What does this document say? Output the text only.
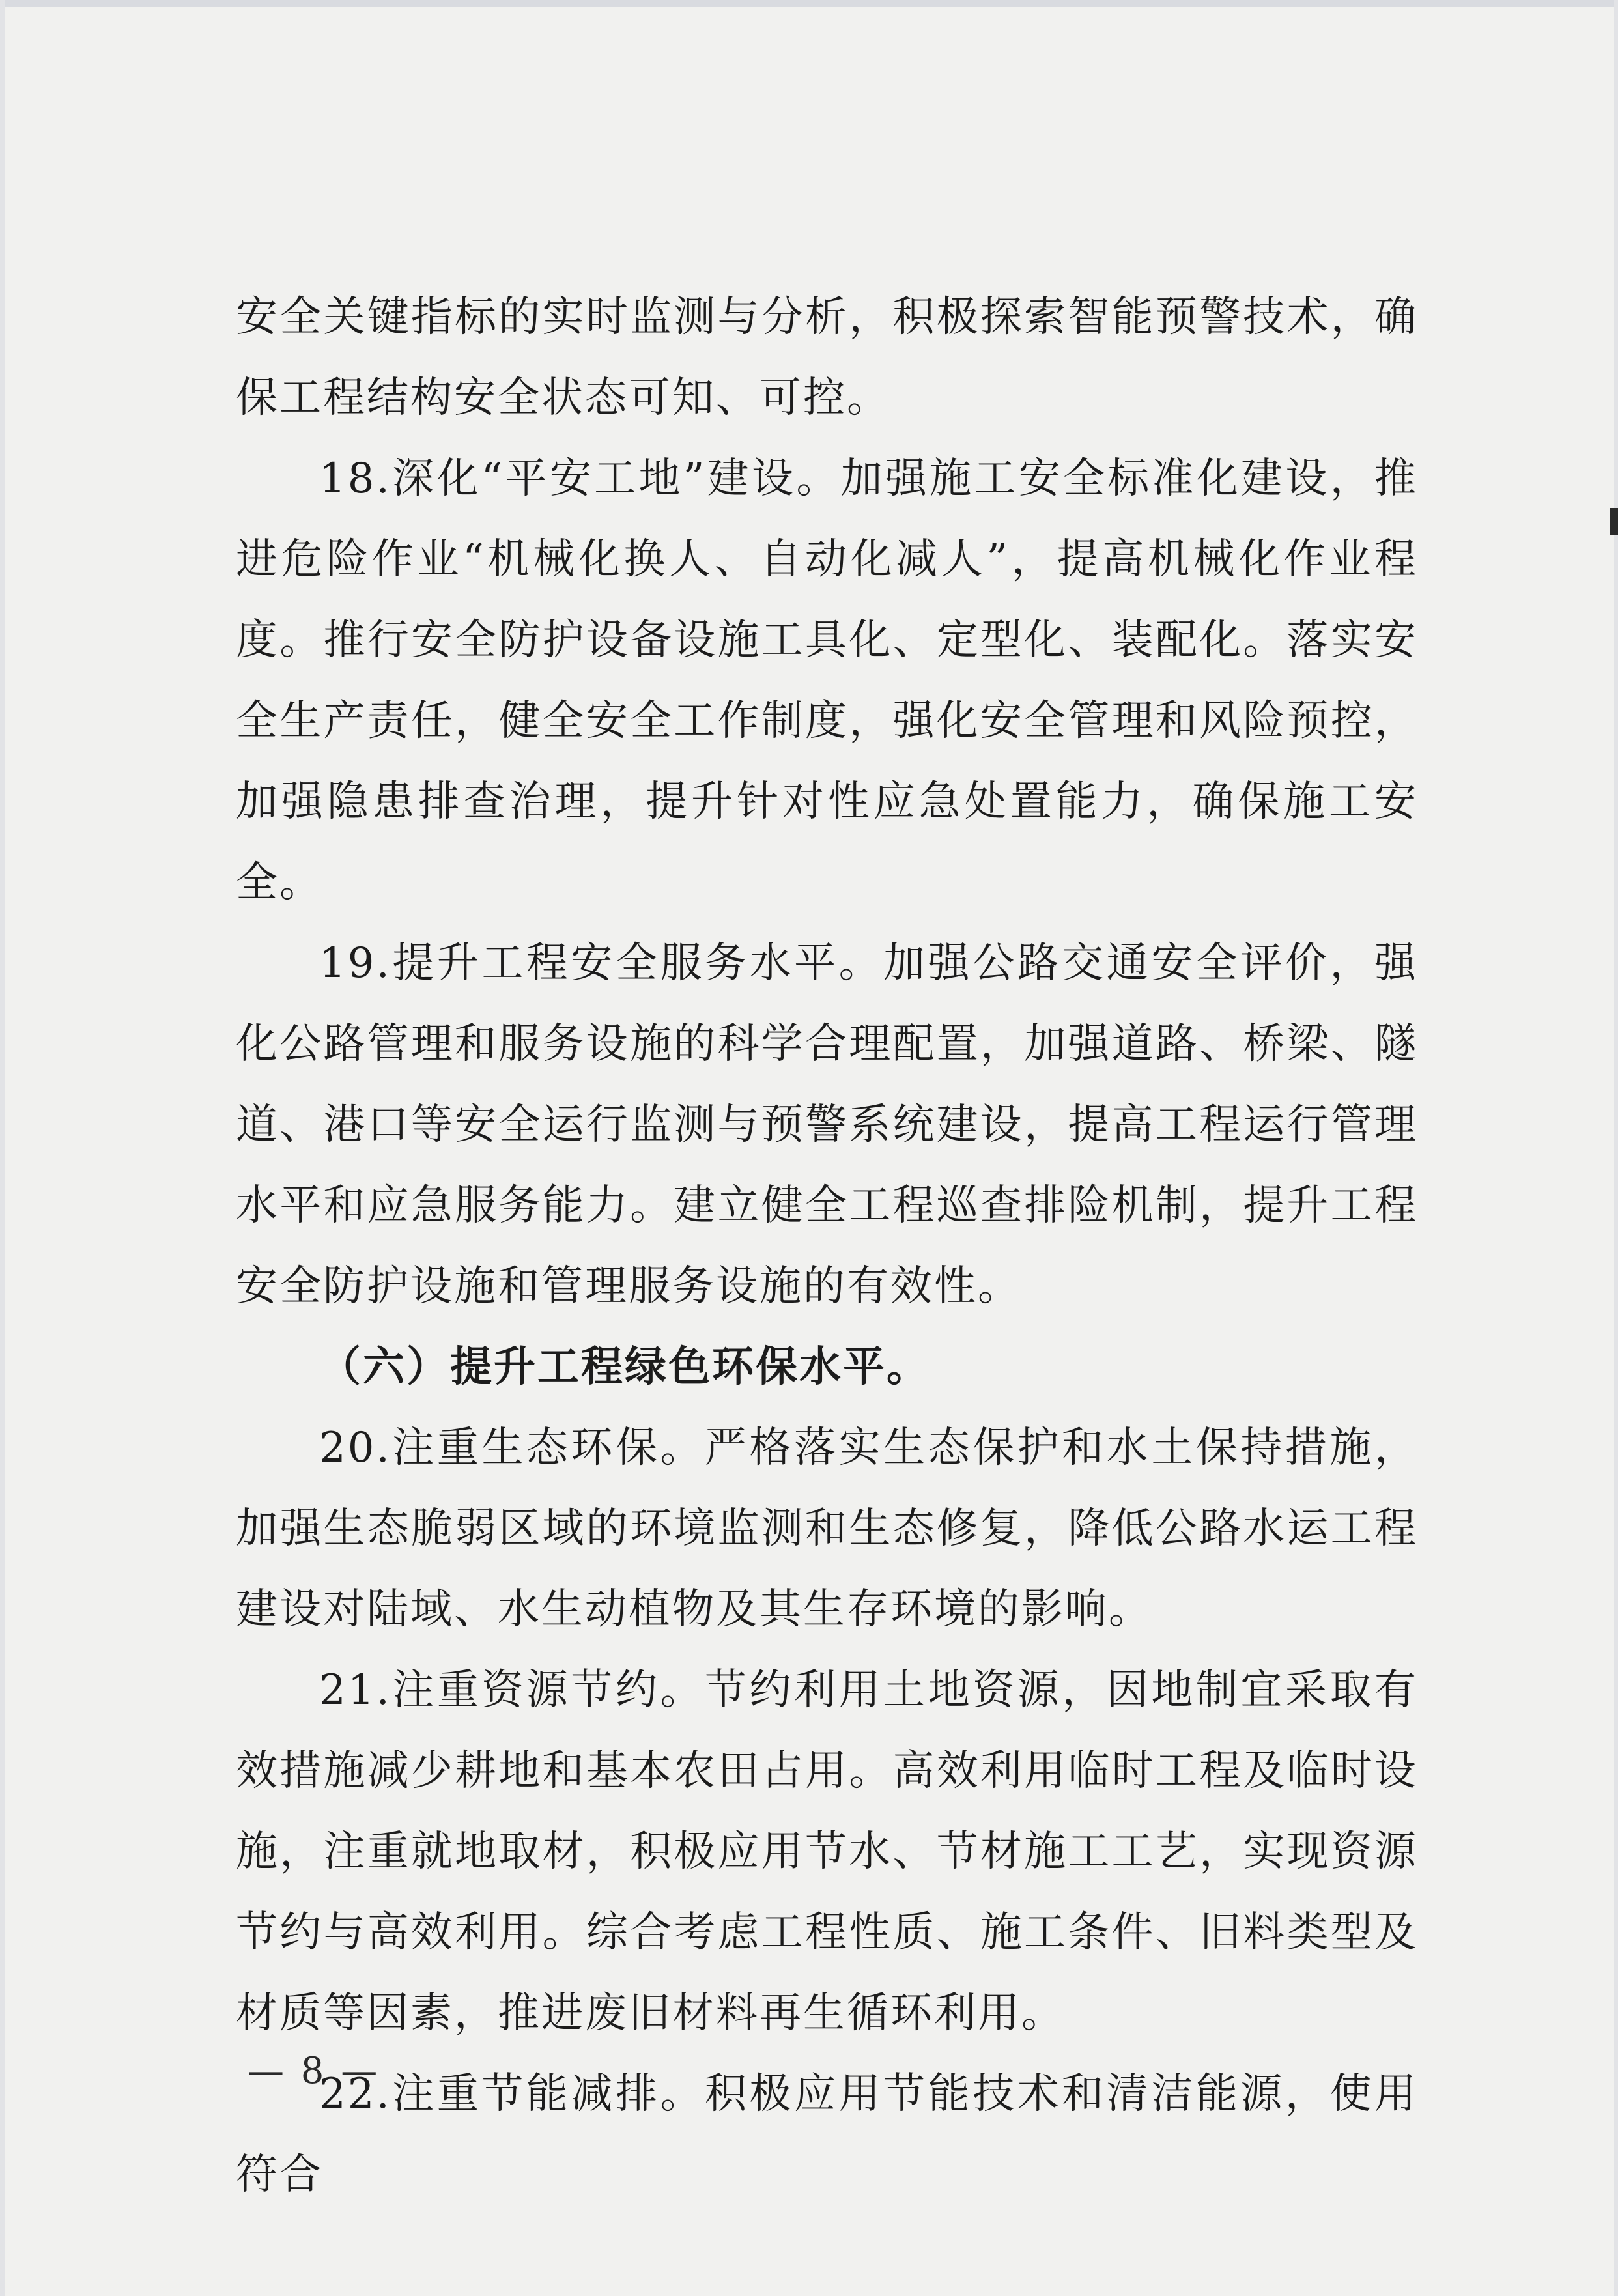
安全关键指标的实时监测与分析，积极探索智能预警技术，确保工程结构安全状态可知、可控。

18.深化“平安工地”建设。加强施工安全标准化建设，推进危险作业“机械化换人、自动化减人”，提高机械化作业程度。推行安全防护设备设施工具化、定型化、装配化。落实安全生产责任，健全安全工作制度，强化安全管理和风险预控，加强隐患排查治理，提升针对性应急处置能力，确保施工安全。

19.提升工程安全服务水平。加强公路交通安全评价，强化公路管理和服务设施的科学合理配置，加强道路、桥梁、隧道、港口等安全运行监测与预警系统建设，提高工程运行管理水平和应急服务能力。建立健全工程巡查排险机制，提升工程安全防护设施和管理服务设施的有效性。

（六）提升工程绿色环保水平。

20.注重生态环保。严格落实生态保护和水土保持措施，加强生态脆弱区域的环境监测和生态修复，降低公路水运工程建设对陆域、水生动植物及其生存环境的影响。

21.注重资源节约。节约利用土地资源，因地制宜采取有效措施减少耕地和基本农田占用。高效利用临时工程及临时设施，注重就地取材，积极应用节水、节材施工工艺，实现资源节约与高效利用。综合考虑工程性质、施工条件、旧料类型及材质等因素，推进废旧材料再生循环利用。

22.注重节能减排。积极应用节能技术和清洁能源，使用符合

— 8 —
